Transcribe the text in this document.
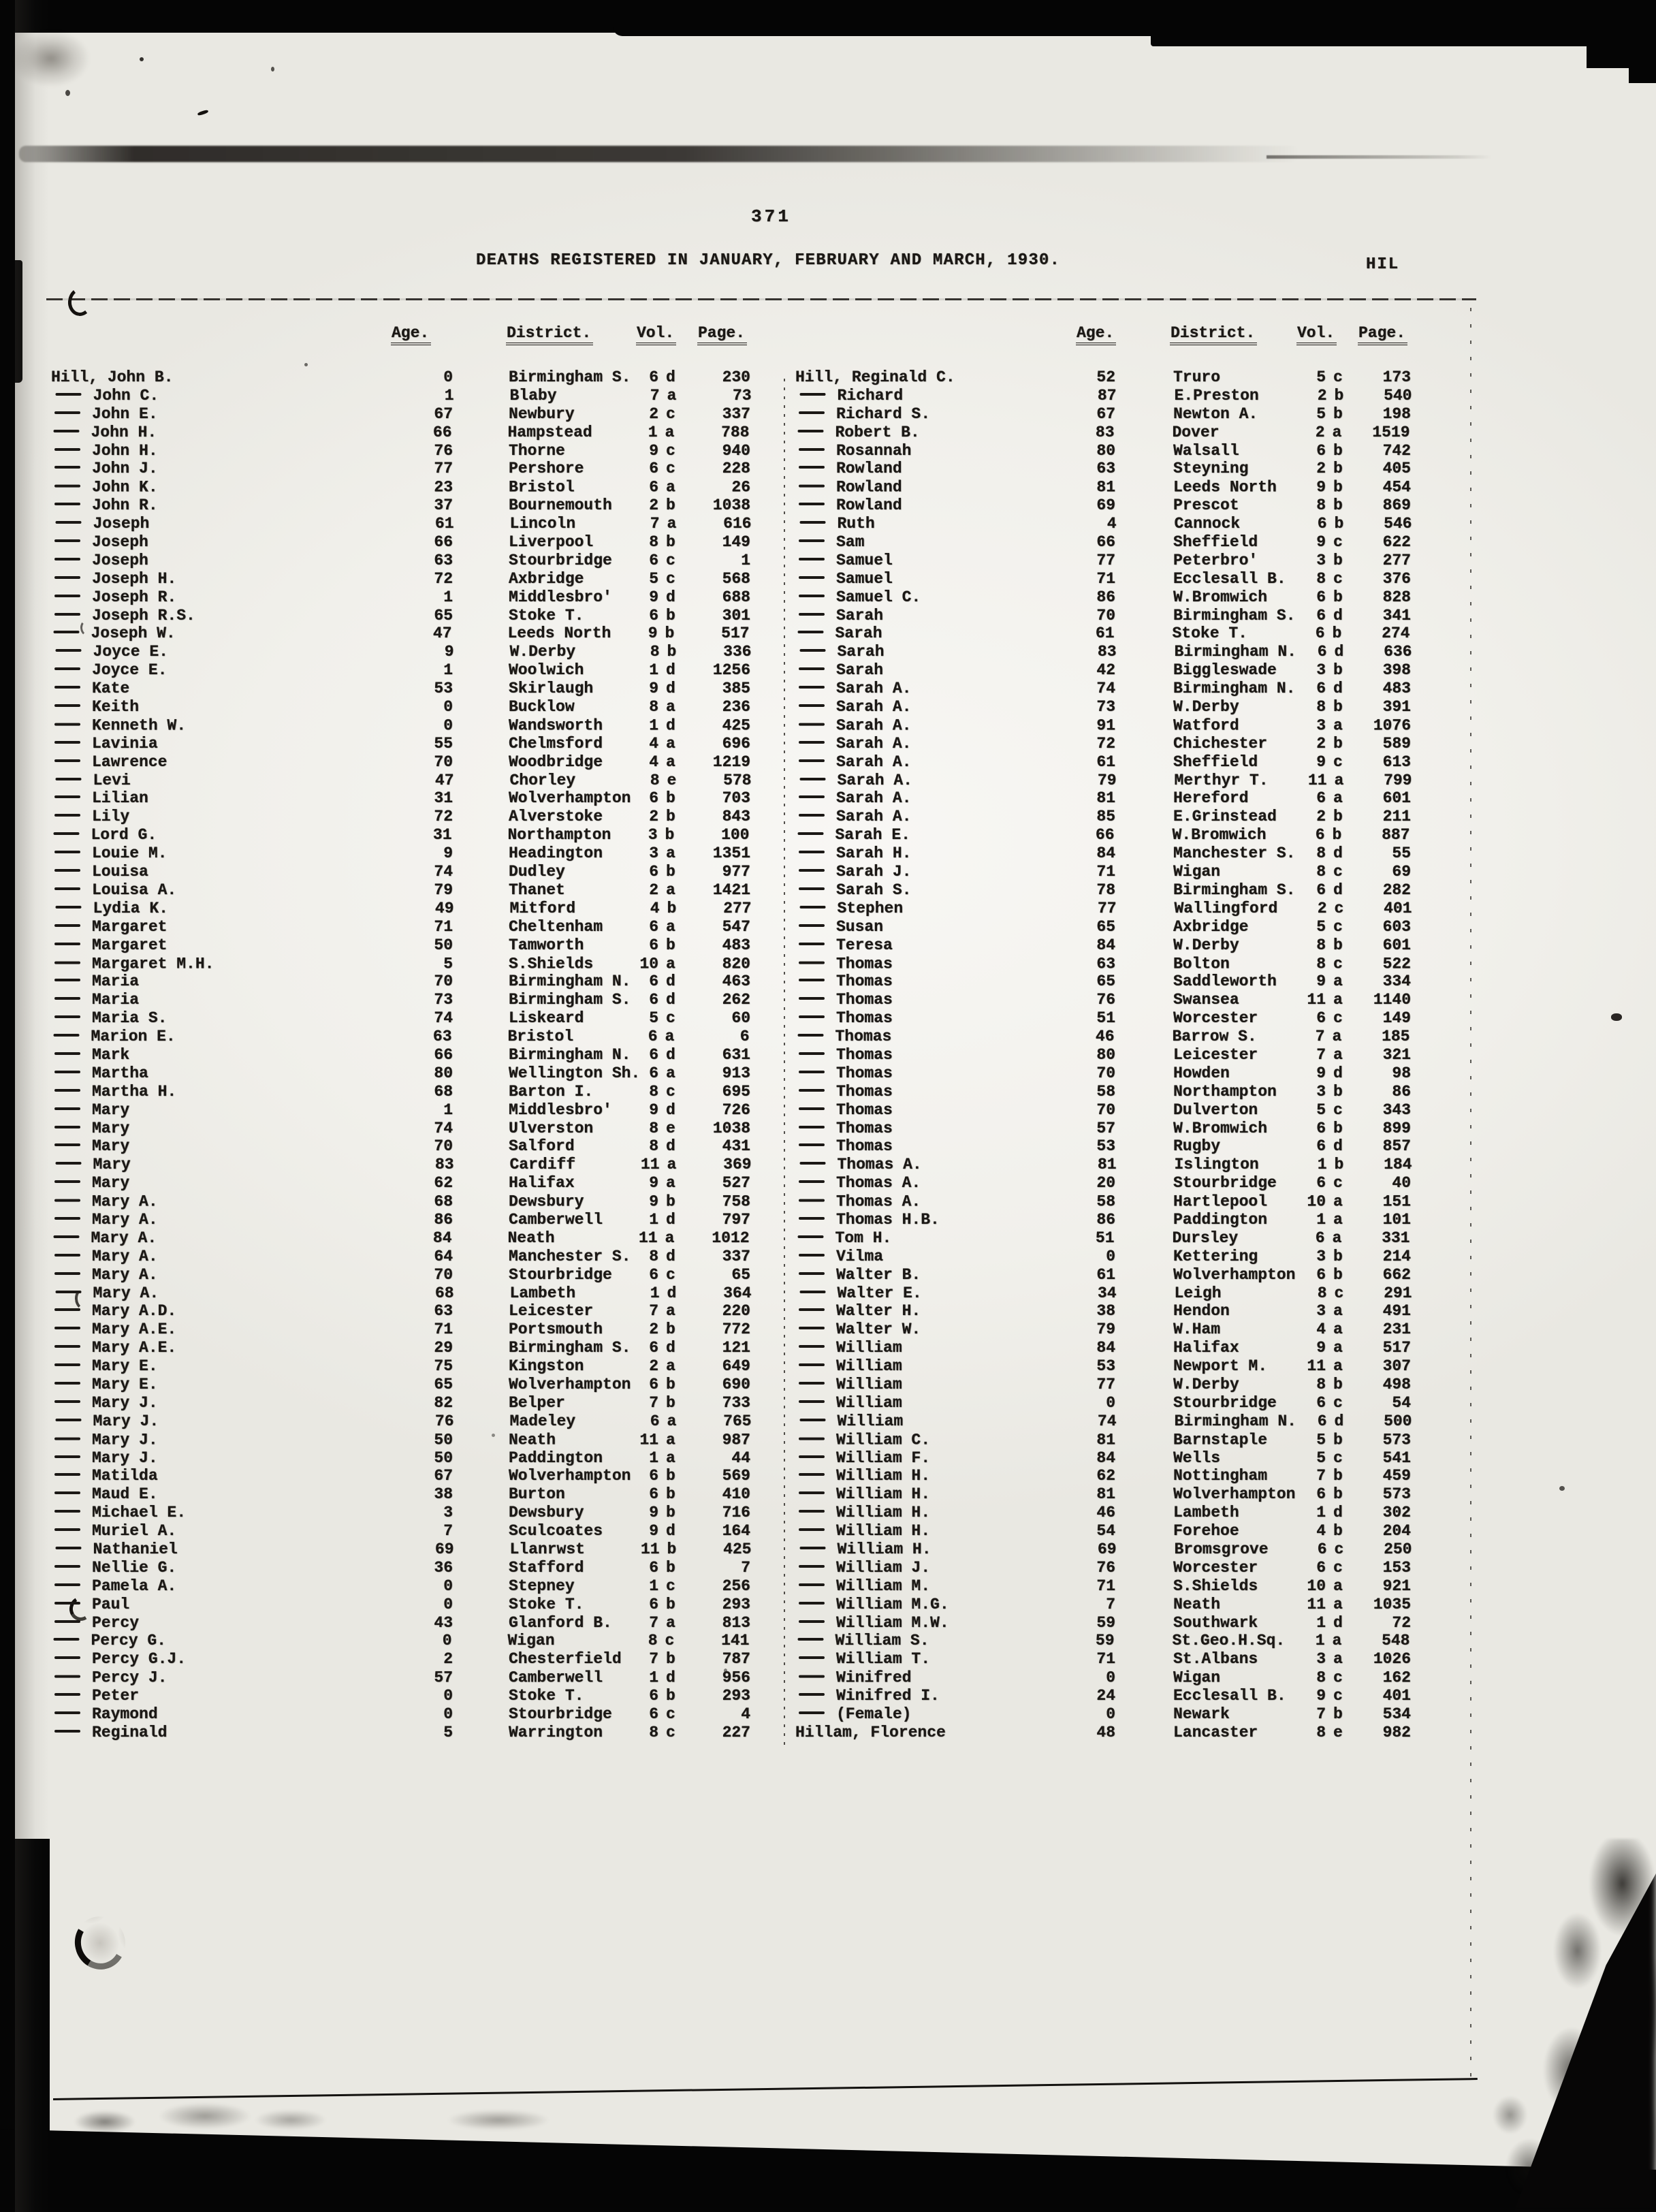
371
DEATHS REGISTERED IN JANUARY, FEBRUARY AND MARCH, 1930.	HIL
Age.	District.	Vol. Page.	Age.	District.	Vol. Page.
Hill, John B.	0	Birmingham S.	6 d	230
John C.	1	Blaby	7 a	73
John E.	67	Newbury	2 c	337
John H.	66	Hampstead	1 a	788
John H.	76	Thorne	9 c	940
John J.	77	Pershore	6 c	228
John K.	23	Bristol	6 a	26
John R.	37	Bournemouth	2 b	1038
Joseph	61	Lincoln	7 a	616
Joseph	66	Liverpool	8 b	149
Joseph	63	Stourbridge	6 c	1
Joseph H.	72	Axbridge	5 c	568
Joseph R.	1	Middlesbro'	9 d	688
Joseph R.S.	65	Stoke T.	6 b	301
Joseph W.	47	Leeds North	9 b	517
Joyce E.	9	W.Derby	8 b	336
Joyce E.	1	Woolwich	1 d	1256
Kate	53	Skirlaugh	9 d	385
Keith	0	Bucklow	8 a	236
Kenneth W.	0	Wandsworth	1 d	425
Lavinia	55	Chelmsford	4 a	696
Lawrence	70	Woodbridge	4 a	1219
Levi	47	Chorley	8 e	578
Lilian	31	Wolverhampton	6 b	703
Lily	72	Alverstoke	2 b	843
Lord G.	31	Northampton	3 b	100
Louie M.	9	Headington	3 a	1351
Louisa	74	Dudley	6 b	977
Louisa A.	79	Thanet	2 a	1421
Lydia K.	49	Mitford	4 b	277
Margaret	71	Cheltenham	6 a	547
Margaret	50	Tamworth	6 b	483
Margaret M.H.	5	S.Shields	10 a	820
Maria	70	Birmingham N.	6 d	463
Maria	73	Birmingham S.	6 d	262
Maria S.	74	Liskeard	5 c	60
Marion E.	63	Bristol	6 a	6
Mark	66	Birmingham N.	6 d	631
Martha	80	Wellington Sh. 6 a	913
Martha H.	68	Barton I.	8 c	695
Mary	1	Middlesbro'	9 d	726
Mary	74	Ulverston	8 e	1038
Mary	70	Salford	8 d	431
Mary	83	Cardiff	11 a	369
Mary	62	Halifax	9 a	527
Mary A.	68	Dewsbury	9 b	758
Mary A.	86	Camberwell	1 d	797
Mary A.	84	Neath	11 a	1012
Mary A.	64	Manchester S.	8 d	337
Mary A.	70	Stourbridge	6 c	65
Mary A.	68	Lambeth	1 d	364
Mary A.D.	63	Leicester	7 a	220
Mary A.E.	71	Portsmouth	2 b	772
Mary A.E.	29	Birmingham S.	6 d	121
Mary E.	75	Kingston	2 a	649
Mary E.	65	Wolverhampton	6 b	690
Mary J.	82	Belper	7 b	733
Mary J.	76	Madeley	6 a	765
Mary J.	50	Neath	11 a	987
Mary J.	50	Paddington	1 a	44
Matilda	67	Wolverhampton	6 b	569
Maud E.	38	Burton	6 b	410
Michael E.	3	Dewsbury	9 b	716
Muriel A.	7	Sculcoates	9 d	164
Nathaniel	69	Llanrwst	11 b	425
Nellie G.	36	Stafford	6 b	7
Pamela A.	0	Stepney	1 c	256
Paul	0	Stoke T.	6 b	293
Percy	43	Glanford B.	7 a	813
Percy G.	0	Wigan	8 c	141
Percy G.J.	2	Chesterfield	7 b	787
Percy J.	57	Camberwell	1 d	956
Peter	0	Stoke T.	6 b	293
Raymond	0	Stourbridge	6 c	4
Reginald	5	Warrington	8 c	227
Hill, Reginald C.	52	Truro	5 c	173
Richard	87	E.Preston	2 b	540
Richard S.	67	Newton A.	5 b	198
Robert B.	83	Dover	2 a	1519
Rosannah	80	Walsall	6 b	742
Rowland	63	Steyning	2 b	405
Rowland	81	Leeds North	9 b	454
Rowland	69	Prescot	8 b	869
Ruth	4	Cannock	6 b	546
Sam	66	Sheffield	9 c	622
Samuel	77	Peterbro'	3 b	277
Samuel	71	Ecclesall B.	8 c	376
Samuel C.	86	W.Bromwich	6 b	828
Sarah	70	Birmingham S.	6 d	341
Sarah	61	Stoke T.	6 b	274
Sarah	83	Birmingham N.	6 d	636
Sarah	42	Biggleswade	3 b	398
Sarah A.	74	Birmingham N.	6 d	483
Sarah A.	73	W.Derby	8 b	391
Sarah A.	91	Watford	3 a	1076
Sarah A.	72	Chichester	2 b	589
Sarah A.	61	Sheffield	9 c	613
Sarah A.	79	Merthyr T.	11 a	799
Sarah A.	81	Hereford	6 a	601
Sarah A.	85	E.Grinstead	2 b	211
Sarah E.	66	W.Bromwich	6 b	887
Sarah H.	84	Manchester S.	8 d	55
Sarah J.	71	Wigan	8 c	69
Sarah S.	78	Birmingham S.	6 d	282
Stephen	77	Wallingford	2 c	401
Susan	65	Axbridge	5 c	603
Teresa	84	W.Derby	8 b	601
Thomas	63	Bolton	8 c	522
Thomas	65	Saddleworth	9 a	334
Thomas	76	Swansea	11 a	1140
Thomas	51	Worcester	6 c	149
Thomas	46	Barrow S.	7 a	185
Thomas	80	Leicester	7 a	321
Thomas	70	Howden	9 d	98
Thomas	58	Northampton	3 b	86
Thomas	70	Dulverton	5 c	343
Thomas	57	W.Bromwich	6 b	899
Thomas	53	Rugby	6 d	857
Thomas A.	81	Islington	1 b	184
Thomas A.	20	Stourbridge	6 c	40
Thomas A.	58	Hartlepool	10 a	151
Thomas H.B.	86	Paddington	1 a	101
Tom H.	51	Dursley	6 a	331
Vilma	0	Kettering	3 b	214
Walter B.	61	Wolverhampton	6 b	662
Walter E.	34	Leigh	8 c	291
Walter H.	38	Hendon	3 a	491
Walter W.	79	W.Ham	4 a	231
William	84	Halifax	9 a	517
William	53	Newport M.	11 a	307
William	77	W.Derby	8 b	498
William	0	Stourbridge	6 c	54
William	74	Birmingham N.	6 d	500
William C.	81	Barnstaple	5 b	573
William F.	84	Wells	5 c	541
William H.	62	Nottingham	7 b	459
William H.	81	Wolverhampton	6 b	573
William H.	46	Lambeth	1 d	302
William H.	54	Forehoe	4 b	204
William H.	69	Bromsgrove	6 c	250
William J.	76	Worcester	6 c	153
William M.	71	S.Shields	10 a	921
William M.G.	7	Neath	11 a	1035
William M.W.	59	Southwark	1 d	72
William S.	59	St.Geo.H.Sq.	1 a	548
William T.	71	St.Albans	3 a	1026
Winifred	0	Wigan	8 c	162
Winifred I.	24	Ecclesall B.	9 c	401
(Female)	0	Newark	7 b	534
Hillam, Florence	48	Lancaster	8 e	982
